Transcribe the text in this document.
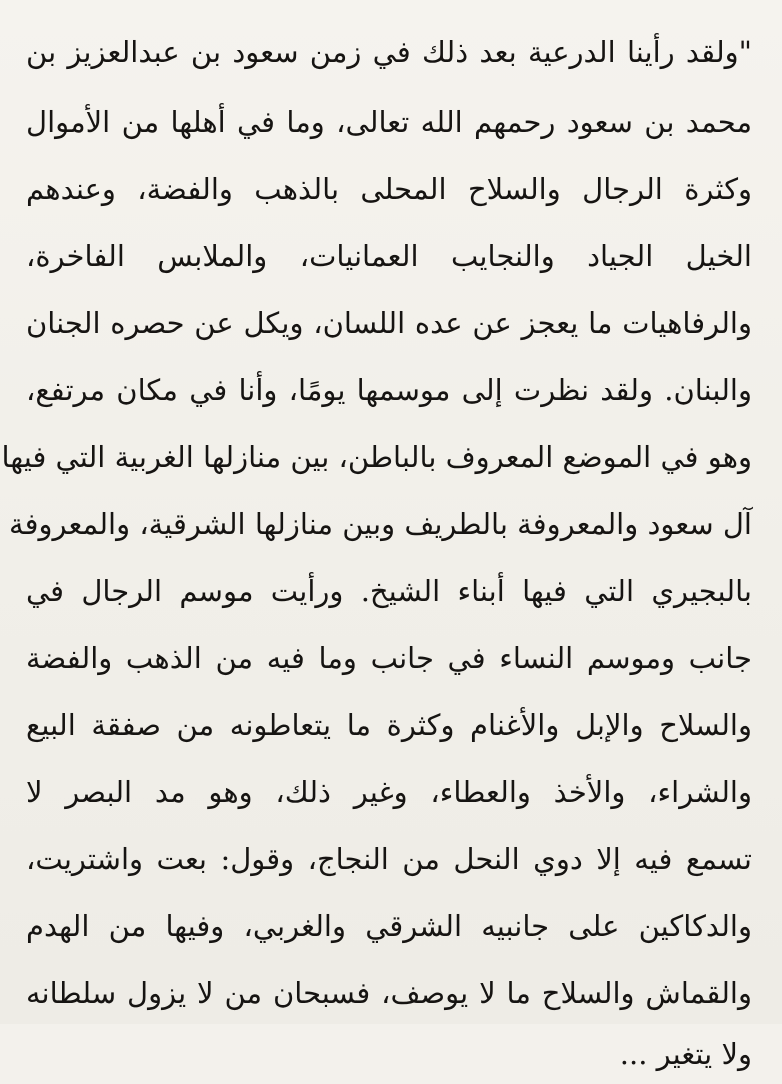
"ولقد رأينا الدرعية بعد ذلك في زمن سعود بن عبدالعزيز بن
محمد بن سعود رحمهم الله تعالى، وما في أهلها من الأموال
وكثرة الرجال والسلاح المحلى بالذهب والفضة، وعندهم
الخيل الجياد والنجايب العمانيات، والملابس الفاخرة،
والرفاهيات ما يعجز عن عده اللسان، ويكل عن حصره الجنان
والبنان. ولقد نظرت إلى موسمها يومًا، وأنا في مكان مرتفع،
وهو في الموضع المعروف بالباطن، بين منازلها الغربية التي فيها
آل سعود والمعروفة بالطريف وبين منازلها الشرقية، والمعروفة
بالبجيري التي فيها أبناء الشيخ. ورأيت موسم الرجال في
جانب وموسم النساء في جانب وما فيه من الذهب والفضة
والسلاح والإبل والأغنام وكثرة ما يتعاطونه من صفقة البيع
والشراء، والأخذ والعطاء، وغير ذلك، وهو مد البصر لا
تسمع فيه إلا دوي النحل من النجاج، وقول: بعت واشتريت،
والدكاكين على جانبيه الشرقي والغربي، وفيها من الهدم
والقماش والسلاح ما لا يوصف، فسبحان من لا يزول سلطانه
ولا يتغير ...
